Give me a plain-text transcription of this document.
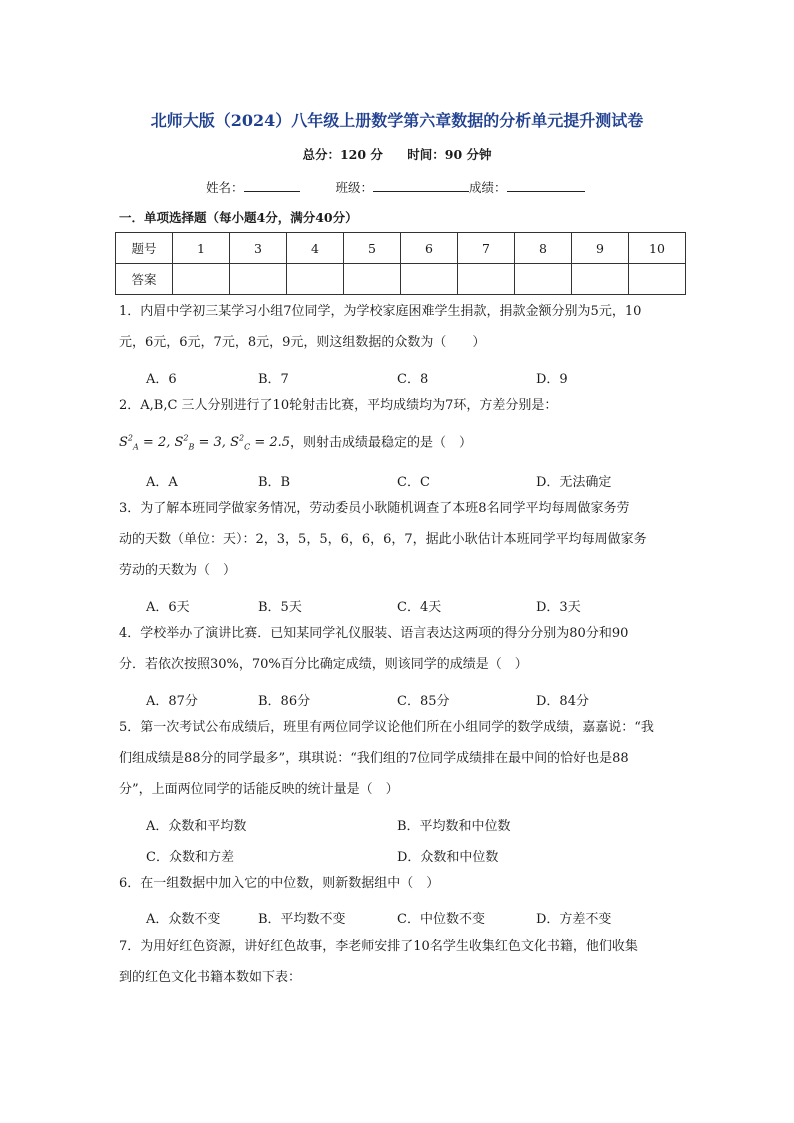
北师大版（2024）八年级上册数学第六章数据的分析单元提升测试卷
总分：120 分 时间：90 分钟
姓名：	班级：	成绩：
一．单项选择题（每小题4分，满分40分）
题号	1	3	4	5	6	7	8	9	10
答案									
1．内眉中学初三某学习小组7位同学，为学校家庭困难学生捐款，捐款金额分别为5元，10
元，6元，6元，7元，8元，9元，则这组数据的众数为（　　）
A．6	B．7	C．8	D．9
2．A,B,C 三人分别进行了10轮射击比赛，平均成绩均为7环，方差分别是：
$S^2_A = 2$, $S^2_B = 3$, $S^2_C = 2.5$，则射击成绩最稳定的是（　）
A．A	B．B	C．C	D．无法确定
3．为了解本班同学做家务情况，劳动委员小耿随机调查了本班8名同学平均每周做家务劳
动的天数（单位：天）：2，3，5，5，6，6，6，7，据此小耿估计本班同学平均每周做家务
劳动的天数为（　）
A．6天	B．5天	C．4天	D．3天
4．学校举办了演讲比赛．已知某同学礼仪服装、语言表达这两项的得分分别为80分和90
分．若依次按照30%，70%百分比确定成绩，则该同学的成绩是（　）
A．87分	B．86分	C．85分	D．84分
5．第一次考试公布成绩后，班里有两位同学议论他们所在小组同学的数学成绩，嘉嘉说：“我
们组成绩是88分的同学最多”，琪琪说：“我们组的7位同学成绩排在最中间的恰好也是88
分”，上面两位同学的话能反映的统计量是（　）
A．众数和平均数	B．平均数和中位数
C．众数和方差	D．众数和中位数
6．在一组数据中加入它的中位数，则新数据组中（　）
A．众数不变	B．平均数不变	C．中位数不变	D．方差不变
7．为用好红色资源，讲好红色故事，李老师安排了10名学生收集红色文化书籍，他们收集
到的红色文化书籍本数如下表：
